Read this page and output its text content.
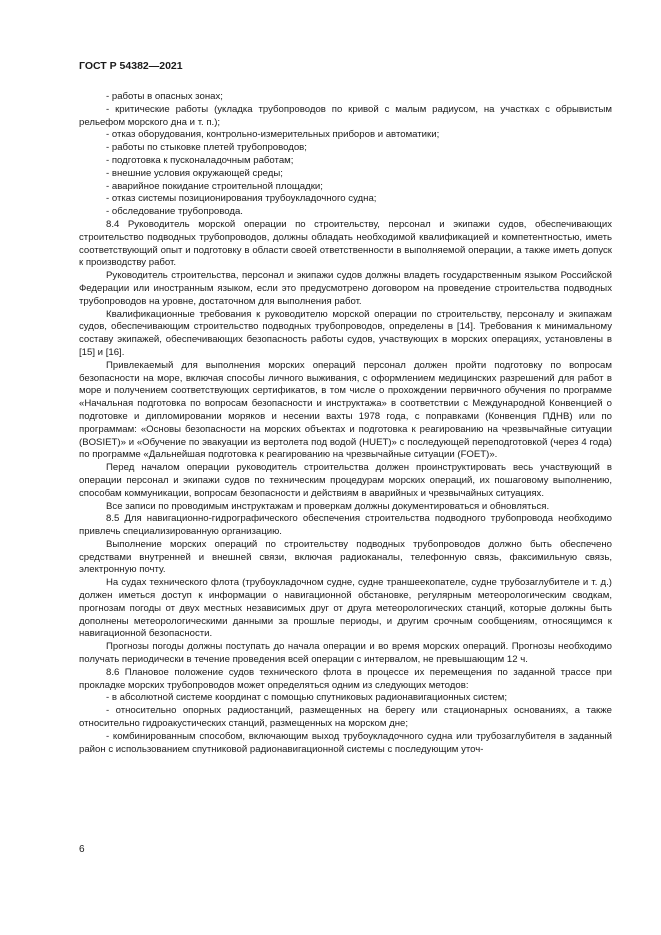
ГОСТ Р 54382—2021

- работы в опасных зонах;

- критические работы (укладка трубопроводов по кривой с малым радиусом, на участках с обрывистым рельефом морского дна и т. п.);

- отказ оборудования, контрольно-измерительных приборов и автоматики;

- работы по стыковке плетей трубопроводов;

- подготовка к пусконаладочным работам;

- внешние условия окружающей среды;

- аварийное покидание строительной площадки;

- отказ системы позиционирования трубоукладочного судна;

- обследование трубопровода.

8.4 Руководитель морской операции по строительству, персонал и экипажи судов, обеспечивающих строительство подводных трубопроводов, должны обладать необходимой квалификацией и компетентностью, иметь соответствующий опыт и подготовку в области своей ответственности в выполняемой операции, а также иметь допуск к производству работ.

Руководитель строительства, персонал и экипажи судов должны владеть государственным языком Российской Федерации или иностранным языком, если это предусмотрено договором на проведение строительства подводных трубопроводов на уровне, достаточном для выполнения работ.

Квалификационные требования к руководителю морской операции по строительству, персоналу и экипажам судов, обеспечивающим строительство подводных трубопроводов, определены в [14]. Требования к минимальному составу экипажей, обеспечивающих безопасность работы судов, участвующих в морских операциях, установлены в [15] и [16].

Привлекаемый для выполнения морских операций персонал должен пройти подготовку по вопросам безопасности на море, включая способы личного выживания, с оформлением медицинских разрешений для работ в море и получением соответствующих сертификатов, в том числе о прохождении первичного обучения по программе «Начальная подготовка по вопросам безопасности и инструктажа» в соответствии с Международной Конвенцией о подготовке и дипломировании моряков и несении вахты 1978 года, с поправками (Конвенция ПДНВ) или по программам: «Основы безопасности на морских объектах и подготовка к реагированию на чрезвычайные ситуации (BOSIET)» и «Обучение по эвакуации из вертолета под водой (HUET)» с последующей переподготовкой (через 4 года) по программе «Дальнейшая подготовка к реагированию на чрезвычайные ситуации (FOET)».

Перед началом операции руководитель строительства должен проинструктировать весь участвующий в операции персонал и экипажи судов по техническим процедурам морских операций, их пошаговому выполнению, способам коммуникации, вопросам безопасности и действиям в аварийных и чрезвычайных ситуациях.

Все записи по проводимым инструктажам и проверкам должны документироваться и обновляться.

8.5 Для навигационно-гидрографического обеспечения строительства подводного трубопровода необходимо привлечь специализированную организацию.

Выполнение морских операций по строительству подводных трубопроводов должно быть обеспечено средствами внутренней и внешней связи, включая радиоканалы, телефонную связь, факсимильную связь, электронную почту.

На судах технического флота (трубоукладочном судне, судне траншеекопателе, судне трубозаглубителе и т. д.) должен иметься доступ к информации о навигационной обстановке, регулярным метеорологическим сводкам, прогнозам погоды от двух местных независимых друг от друга метеорологических станций, которые должны быть дополнены метеорологическими данными за прошлые периоды, и другим срочным сообщениям, относящимся к навигационной безопасности.

Прогнозы погоды должны поступать до начала операции и во время морских операций. Прогнозы необходимо получать периодически в течение проведения всей операции с интервалом, не превышающим 12 ч.

8.6 Плановое положение судов технического флота в процессе их перемещения по заданной трассе при прокладке морских трубопроводов может определяться одним из следующих методов:

- в абсолютной системе координат с помощью спутниковых радионавигационных систем;

- относительно опорных радиостанций, размещенных на берегу или стационарных основаниях, а также относительно гидроакустических станций, размещенных на морском дне;

- комбинированным способом, включающим выход трубоукладочного судна или трубозаглубителя в заданный район с использованием спутниковой радионавигационной системы с последующим уточ-

6
